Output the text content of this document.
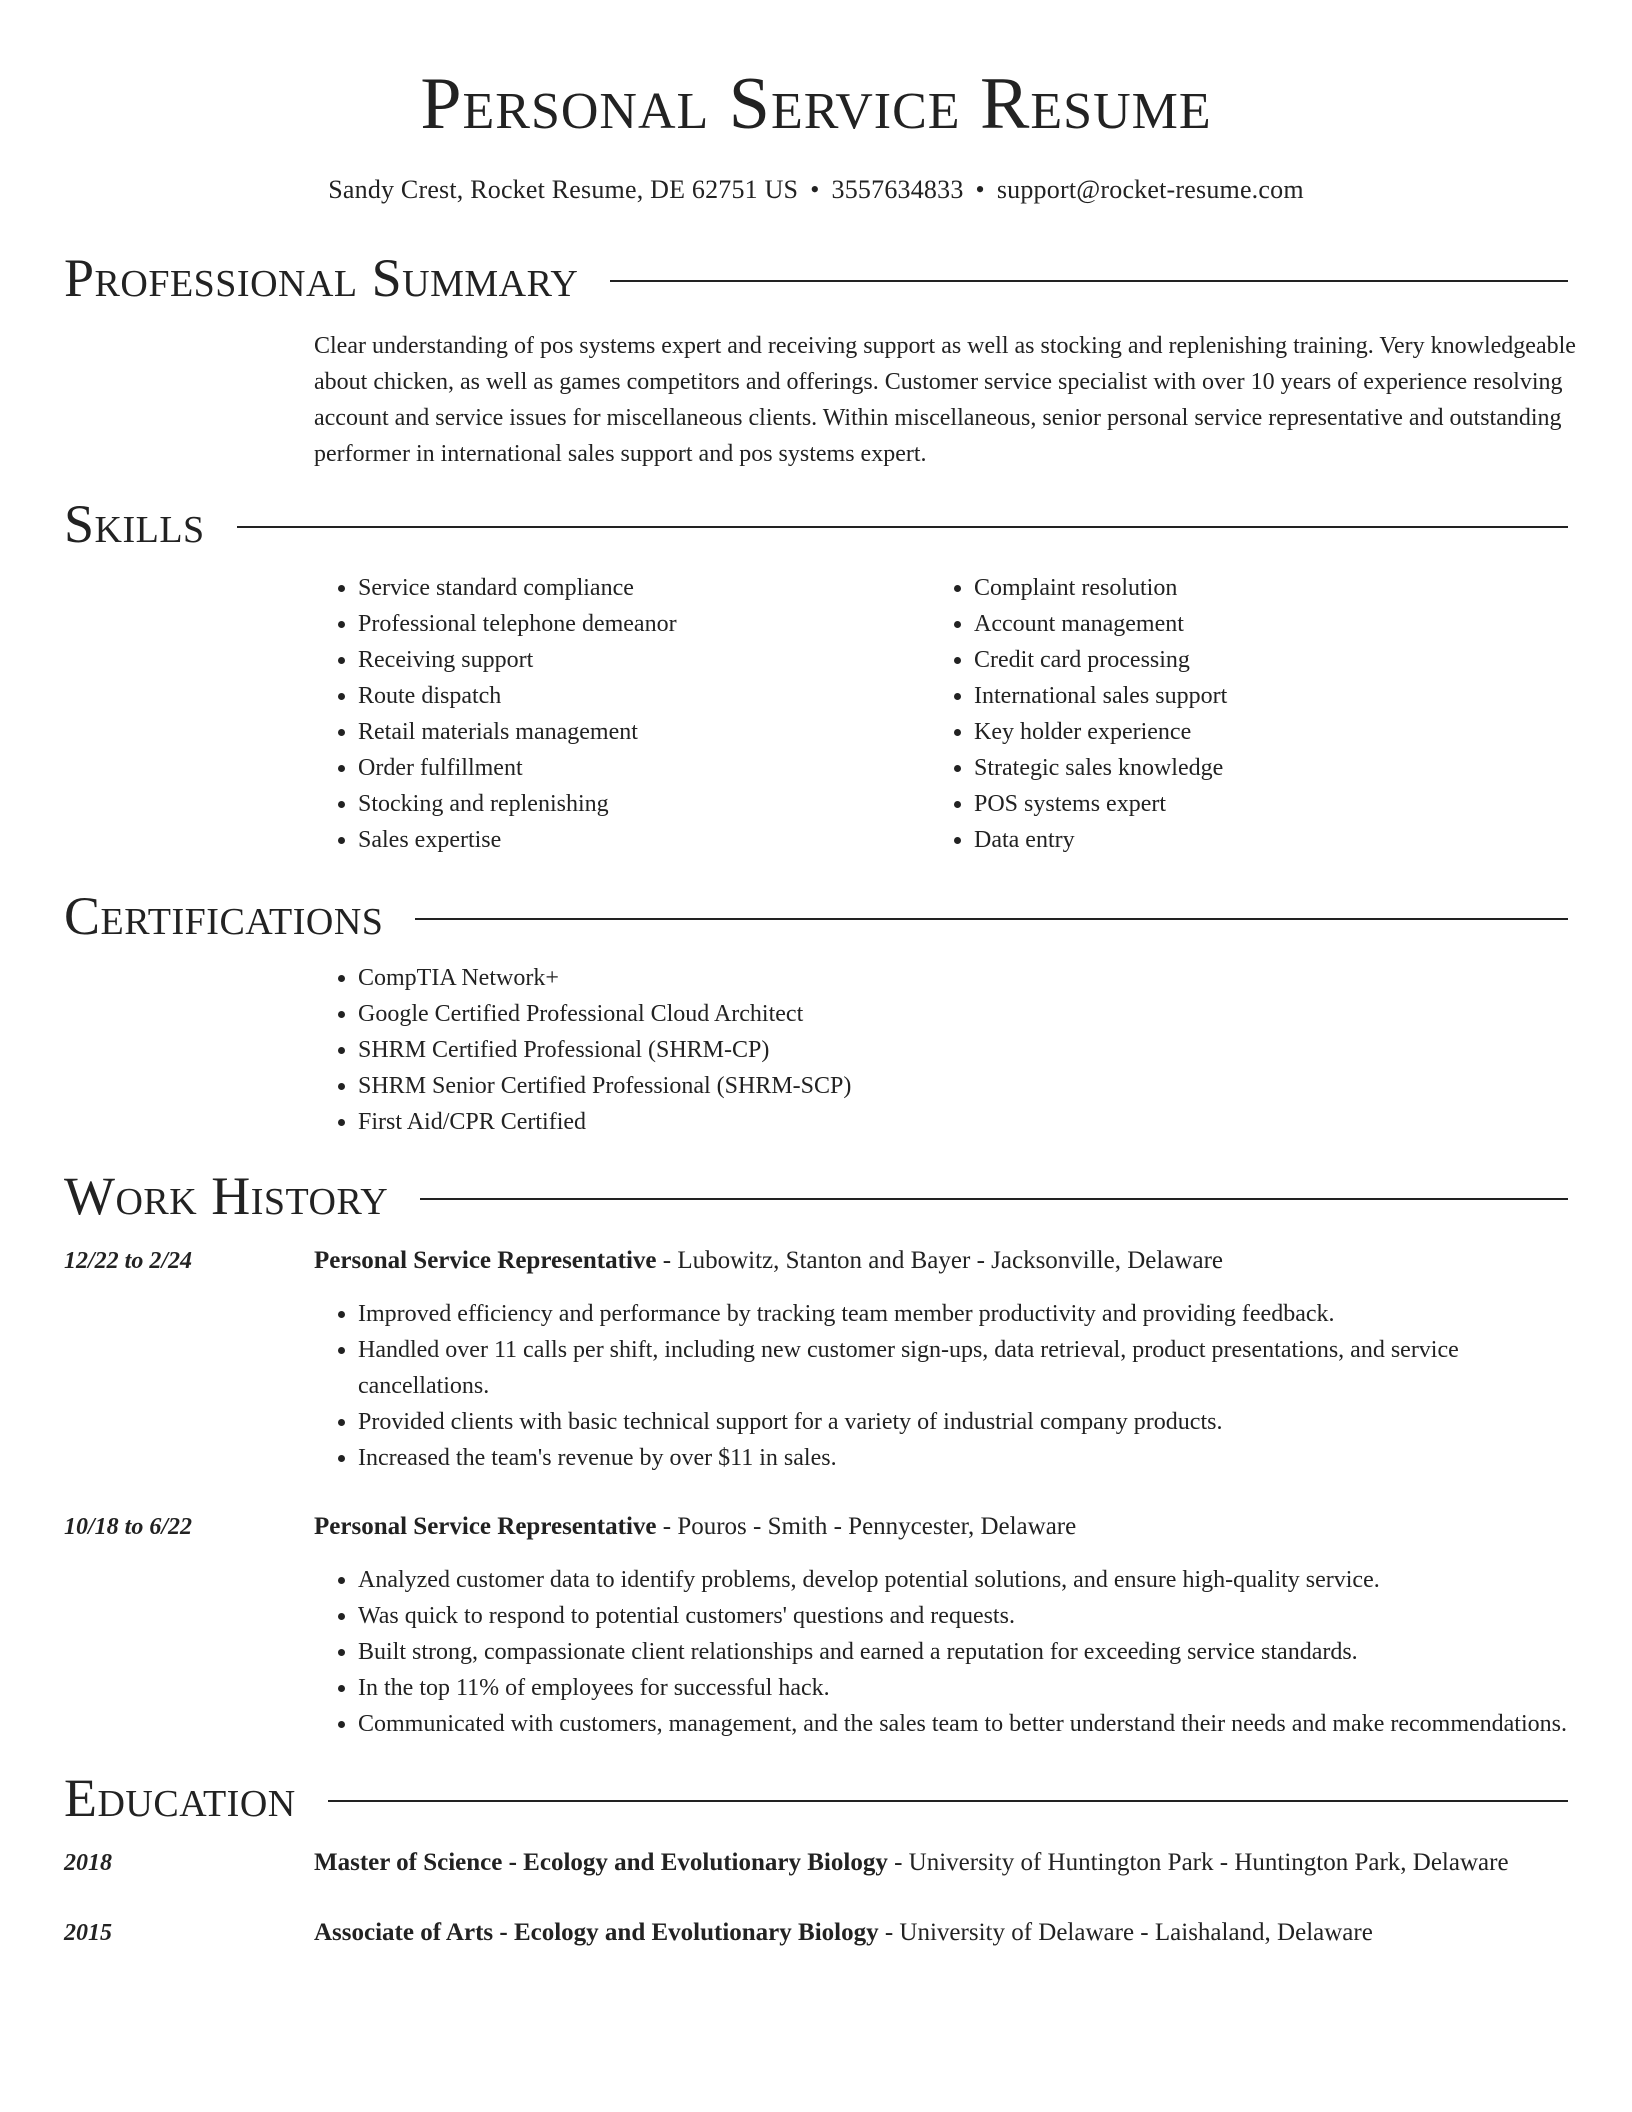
Personal Service Resume
Sandy Crest, Rocket Resume, DE 62751 US • 3557634833 • support@rocket-resume.com
Professional Summary

Clear understanding of pos systems expert and receiving support as well as stocking and replenishing training. Very knowledgeable about chicken, as well as games competitors and offerings. Customer service specialist with over 10 years of experience resolving account and service issues for miscellaneous clients. Within miscellaneous, senior personal service representative and outstanding performer in international sales support and pos systems expert.

Skills
• Service standard compliance
• Professional telephone demeanor
• Receiving support
• Route dispatch
• Retail materials management
• Order fulfillment
• Stocking and replenishing
• Sales expertise
• Complaint resolution
• Account management
• Credit card processing
• International sales support
• Key holder experience
• Strategic sales knowledge
• POS systems expert
• Data entry
Certifications
• CompTIA Network+
• Google Certified Professional Cloud Architect
• SHRM Certified Professional (SHRM-CP)
• SHRM Senior Certified Professional (SHRM-SCP)
• First Aid/CPR Certified
Work History
12/22 to 2/24	Personal Service Representative - Lubowitz, Stanton and Bayer - Jacksonville, Delaware
• Improved efficiency and performance by tracking team member productivity and providing feedback.
• Handled over 11 calls per shift, including new customer sign-ups, data retrieval, product presentations, and service cancellations.
• Provided clients with basic technical support for a variety of industrial company products.
• Increased the team's revenue by over $11 in sales.
10/18 to 6/22	Personal Service Representative - Pouros - Smith - Pennycester, Delaware
• Analyzed customer data to identify problems, develop potential solutions, and ensure high-quality service.
• Was quick to respond to potential customers' questions and requests.
• Built strong, compassionate client relationships and earned a reputation for exceeding service standards.
• In the top 11% of employees for successful hack.
• Communicated with customers, management, and the sales team to better understand their needs and make recommendations.
Education
2018	Master of Science - Ecology and Evolutionary Biology - University of Huntington Park - Huntington Park, Delaware
2015	Associate of Arts - Ecology and Evolutionary Biology - University of Delaware - Laishaland, Delaware
